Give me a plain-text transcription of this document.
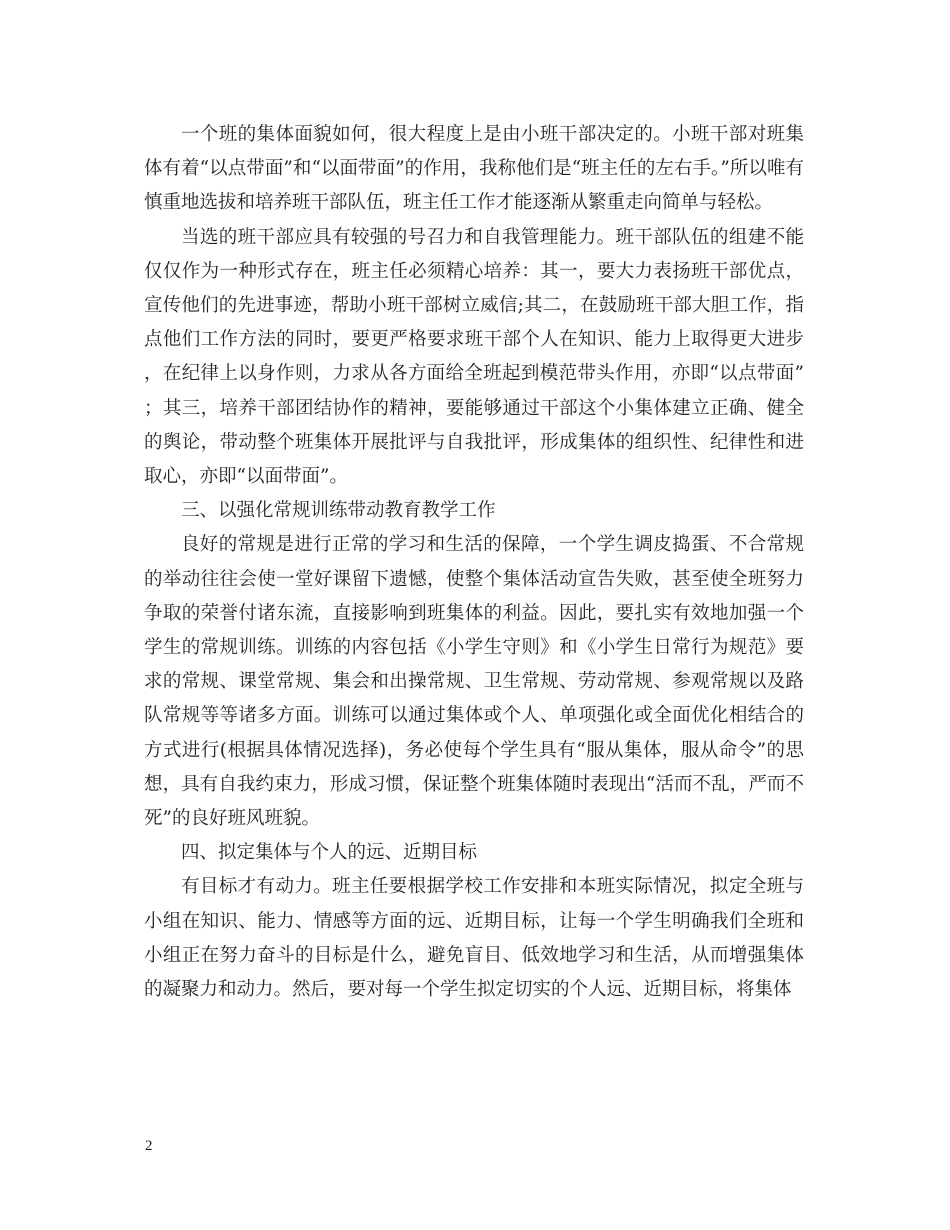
一个班的集体面貌如何，很大程度上是由小班干部决定的。小班干部对班集体有着“以点带面”和“以面带面”的作用，我称他们是“班主任的左右手。”所以唯有慎重地选拔和培养班干部队伍，班主任工作才能逐渐从繁重走向简单与轻松。

当选的班干部应具有较强的号召力和自我管理能力。班干部队伍的组建不能仅仅作为一种形式存在，班主任必须精心培养：其一，要大力表扬班干部优点，宣传他们的先进事迹，帮助小班干部树立威信;其二，在鼓励班干部大胆工作，指点他们工作方法的同时，要更严格要求班干部个人在知识、能力上取得更大进步，在纪律上以身作则，力求从各方面给全班起到模范带头作用，亦即“以点带面”；其三，培养干部团结协作的精神，要能够通过干部这个小集体建立正确、健全的舆论，带动整个班集体开展批评与自我批评，形成集体的组织性、纪律性和进取心，亦即“以面带面”。

三、以强化常规训练带动教育教学工作

良好的常规是进行正常的学习和生活的保障，一个学生调皮捣蛋、不合常规的举动往往会使一堂好课留下遗憾，使整个集体活动宣告失败，甚至使全班努力争取的荣誉付诸东流，直接影响到班集体的利益。因此，要扎实有效地加强一个学生的常规训练。训练的内容包括《小学生守则》和《小学生日常行为规范》要求的常规、课堂常规、集会和出操常规、卫生常规、劳动常规、参观常规以及路队常规等等诸多方面。训练可以通过集体或个人、单项强化或全面优化相结合的方式进行(根据具体情况选择)，务必使每个学生具有“服从集体，服从命令”的思想，具有自我约束力，形成习惯，保证整个班集体随时表现出“活而不乱，严而不死”的良好班风班貌。

四、拟定集体与个人的远、近期目标

有目标才有动力。班主任要根据学校工作安排和本班实际情况，拟定全班与小组在知识、能力、情感等方面的远、近期目标，让每一个学生明确我们全班和小组正在努力奋斗的目标是什么，避免盲目、低效地学习和生活，从而增强集体的凝聚力和动力。然后，要对每一个学生拟定切实的个人远、近期目标，将集体

2
